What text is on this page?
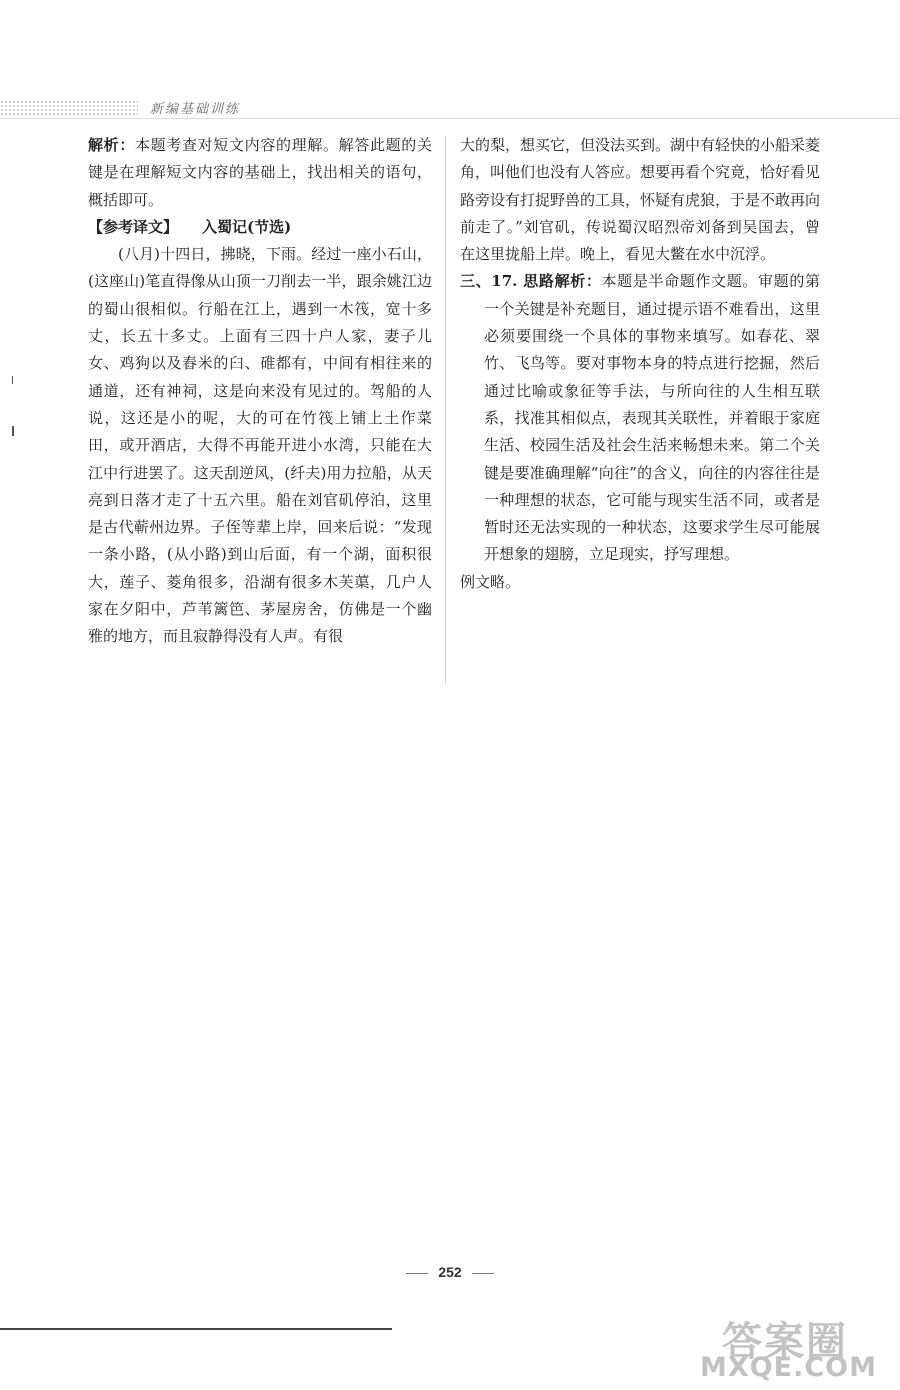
新编基础训练

解析：本题考查对短文内容的理解。解答此题的关键是在理解短文内容的基础上，找出相关的语句，概括即可。

【参考译文】 入蜀记(节选)

(八月)十四日，拂晓，下雨。经过一座小石山，(这座山)笔直得像从山顶一刀削去一半，跟余姚江边的蜀山很相似。行船在江上，遇到一木筏，宽十多丈，长五十多丈。上面有三四十户人家，妻子儿女、鸡狗以及舂米的臼、碓都有，中间有相往来的通道，还有神祠，这是向来没有见过的。驾船的人说，这还是小的呢，大的可在竹筏上铺上土作菜田，或开酒店，大得不再能开进小水湾，只能在大江中行进罢了。这天刮逆风，(纤夫)用力拉船，从天亮到日落才走了十五六里。船在刘官矶停泊，这里是古代蕲州边界。子侄等辈上岸，回来后说：“发现一条小路，(从小路)到山后面，有一个湖，面积很大，莲子、菱角很多，沿湖有很多木芙蕖，几户人家在夕阳中，芦苇篱笆、茅屋房舍，仿佛是一个幽雅的地方，而且寂静得没有人声。有很

大的梨，想买它，但没法买到。湖中有轻快的小船采菱角，叫他们也没有人答应。想要再看个究竟，恰好看见路旁设有打捉野兽的工具，怀疑有虎狼，于是不敢再向前走了。”刘官矶，传说蜀汉昭烈帝刘备到吴国去，曾在这里拢船上岸。晚上，看见大鳖在水中沉浮。

三、17. 思路解析：本题是半命题作文题。审题的第一个关键是补充题目，通过提示语不难看出，这里必须要围绕一个具体的事物来填写。如春花、翠竹、飞鸟等。要对事物本身的特点进行挖掘，然后通过比喻或象征等手法，与所向往的人生相互联系，找准其相似点，表现其关联性，并着眼于家庭生活、校园生活及社会生活来畅想未来。第二个关键是要准确理解“向往”的含义，向往的内容往往是一种理想的状态，它可能与现实生活不同，或者是暂时还无法实现的一种状态，这要求学生尽可能展开想象的翅膀，立足现实，抒写理想。

例文略。

252
答案圈
MXQE.COM
